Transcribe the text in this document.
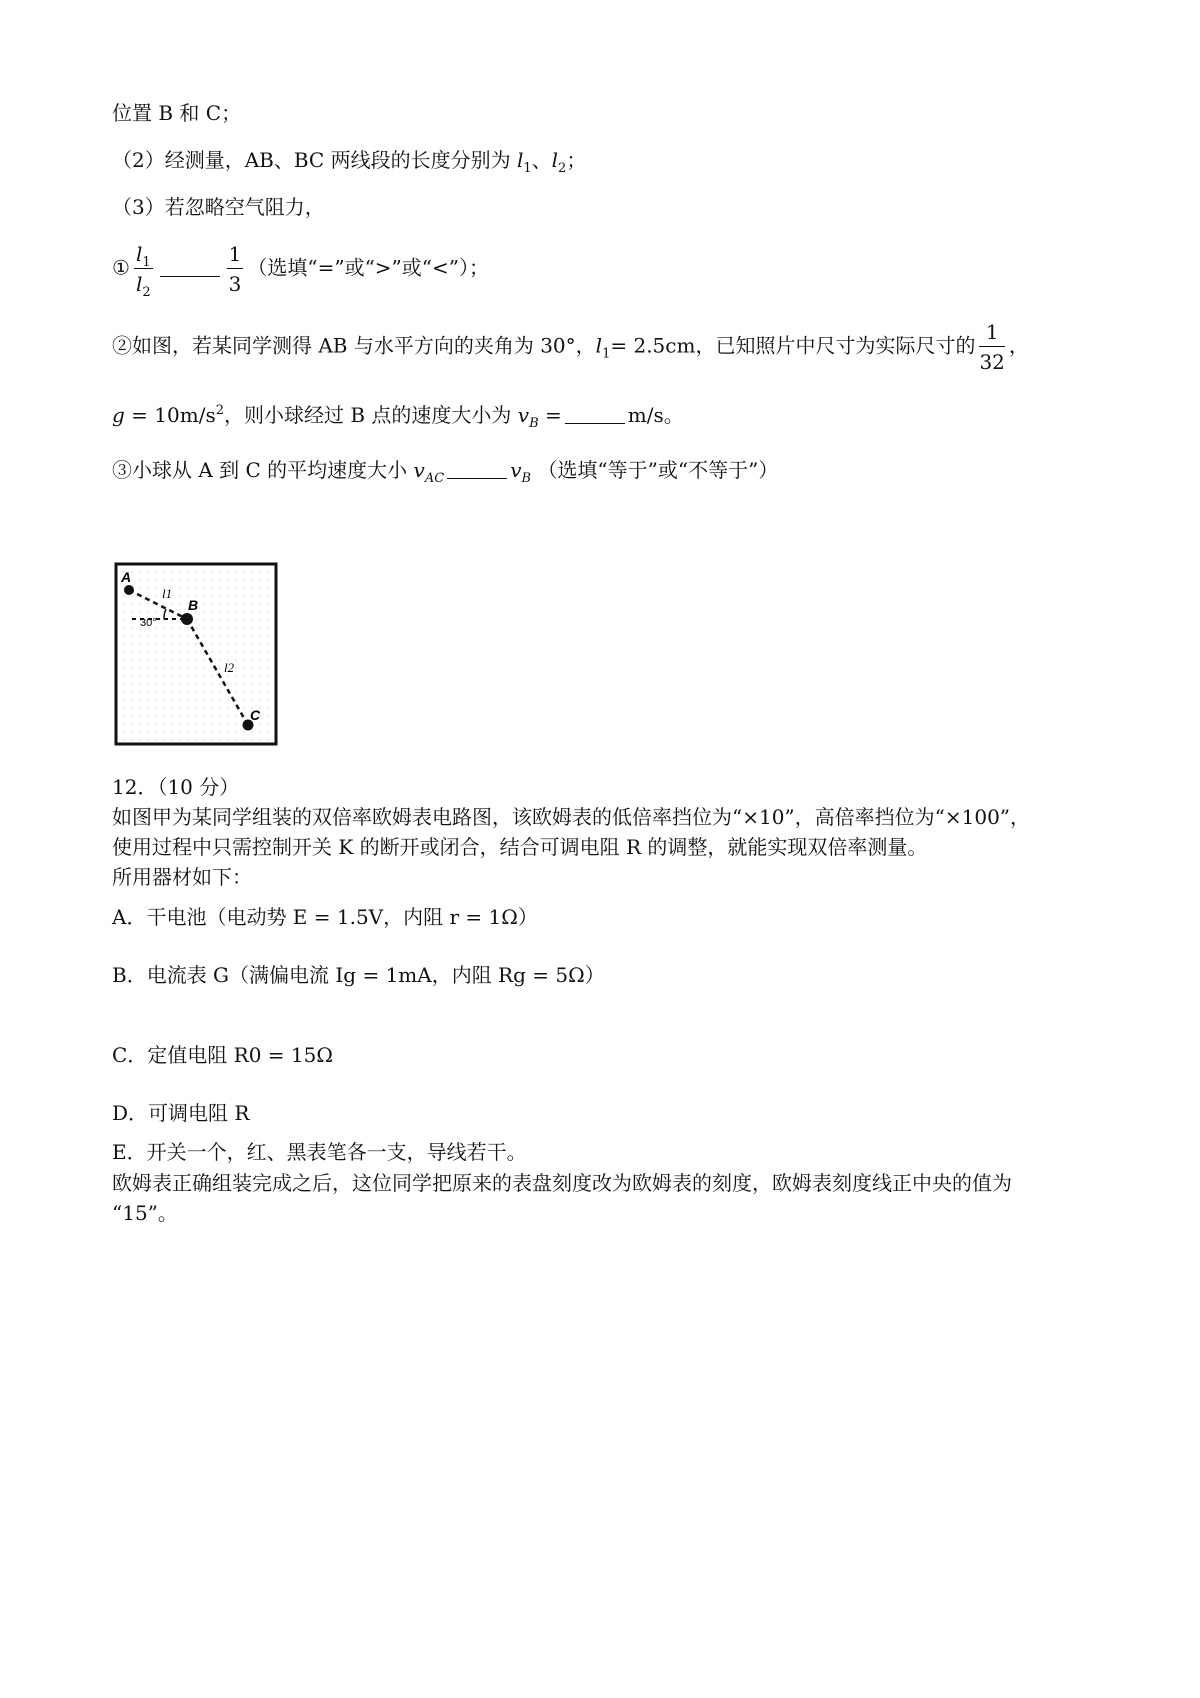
位置 B 和 C；
（2）经测量，AB、BC 两线段的长度分别为 $l_1$、$l_2$；
（3）若忽略空气阻力，
① $\frac{l_1}{l_2}$	$\frac{1}{3}$ （选填“=”或“>”或“<”）；
②如图，若某同学测得 AB 与水平方向的夹角为 30°，$l_1= 2.5cm$，已知照片中尺寸为实际尺寸的 $\frac{1}{32}$ ，
$g = 10m/s^2$，则小球经过 B 点的速度大小为 $v_B$ =	m/s。
③小球从 A 到 C 的平均速度大小 $v_{AC}$	$v_B$ （选填“等于”或“不等于”）
A
B
C
l1
l2
30°
12．（10 分）
如图甲为某同学组装的双倍率欧姆表电路图，该欧姆表的低倍率挡位为“×10”，高倍率挡位为“×100”，
使用过程中只需控制开关 K 的断开或闭合，结合可调电阻 R 的调整，就能实现双倍率测量。
所用器材如下：
A．干电池（电动势 E = 1.5V，内阻 r = 1Ω）
B．电流表 G（满偏电流 Ig = 1mA，内阻 Rg = 5Ω）
C．定值电阻 R0 = 15Ω
D．可调电阻 R
E．开关一个，红、黑表笔各一支，导线若干。
欧姆表正确组装完成之后，这位同学把原来的表盘刻度改为欧姆表的刻度，欧姆表刻度线正中央的值为
“15”。
